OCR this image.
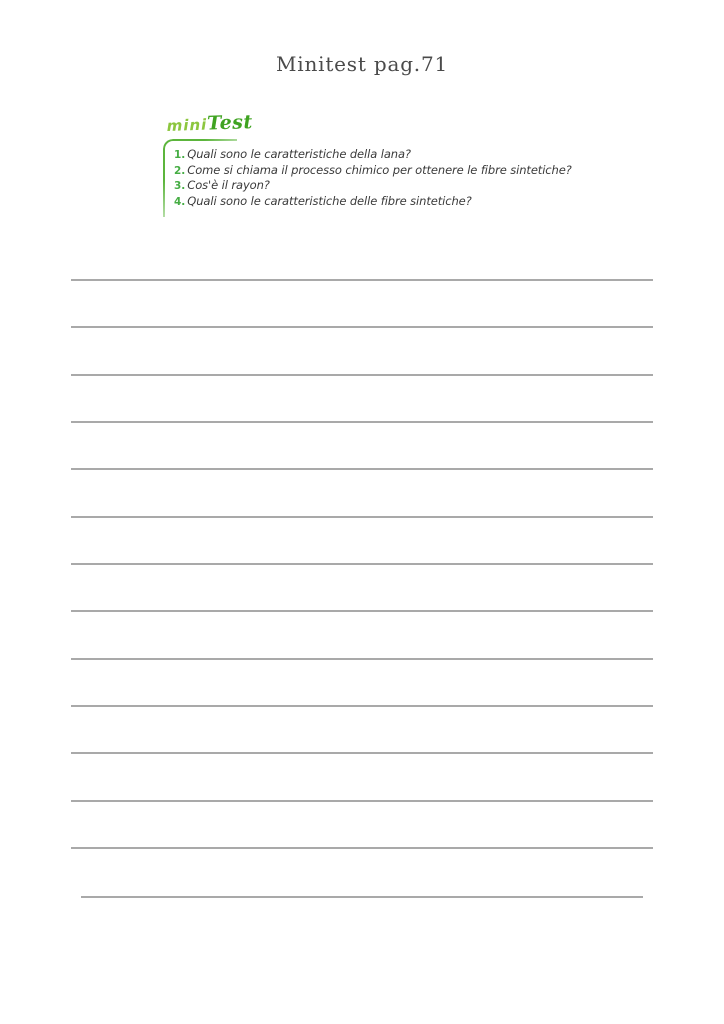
Minitest pag.71
miniTest
1. Quali sono le caratteristiche della lana?
2. Come si chiama il processo chimico per ottenere le fibre sintetiche?
3. Cos'è il rayon?
4. Quali sono le caratteristiche delle fibre sintetiche?
